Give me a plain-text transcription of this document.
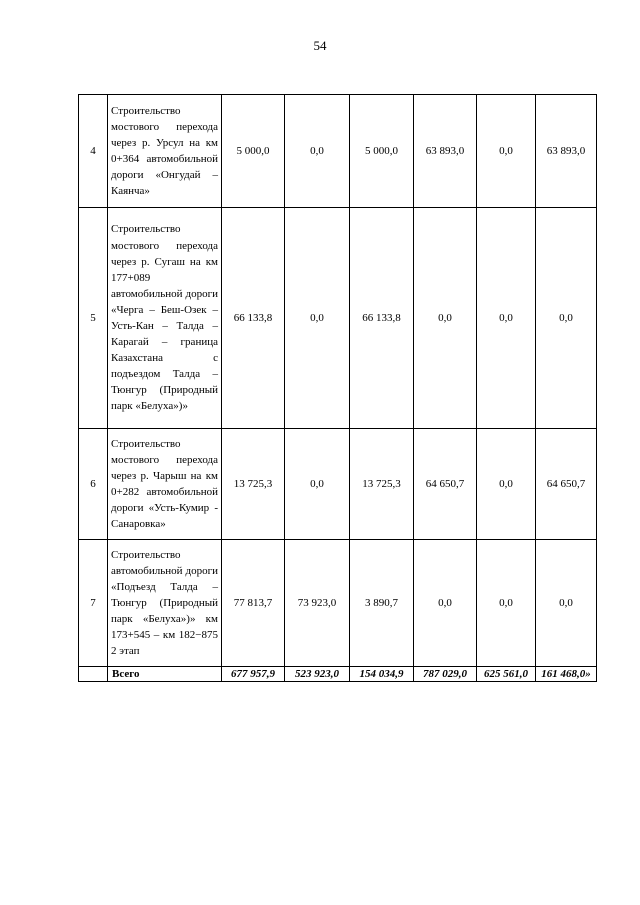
54
4	Строительство мостового перехода через р. Урсул на км 0+364 автомобильной дороги «Онгудай – Каянча»	5 000,0	0,0	5 000,0	63 893,0	0,0	63 893,0
5	Строительство мостового перехода через р. Сугаш на км 177+089 автомобильной дороги «Черга – Беш-Озек – Усть-Кан – Талда – Карагай – граница Казахстана с подъездом Талда – Тюнгур (Природный парк «Белуха»)»	66 133,8	0,0	66 133,8	0,0	0,0	0,0
6	Строительство мостового перехода через р. Чарыш на км 0+282 автомобильной дороги «Усть-Кумир - Санаровка»	13 725,3	0,0	13 725,3	64 650,7	0,0	64 650,7
7	Строительство автомобильной дороги «Подъезд Талда – Тюнгур (Природный парк «Белуха»)» км 173+545 – км 182−875 2 этап	77 813,7	73 923,0	3 890,7	0,0	0,0	0,0
	Всего	677 957,9	523 923,0	154 034,9	787 029,0	625 561,0	161 468,0»
